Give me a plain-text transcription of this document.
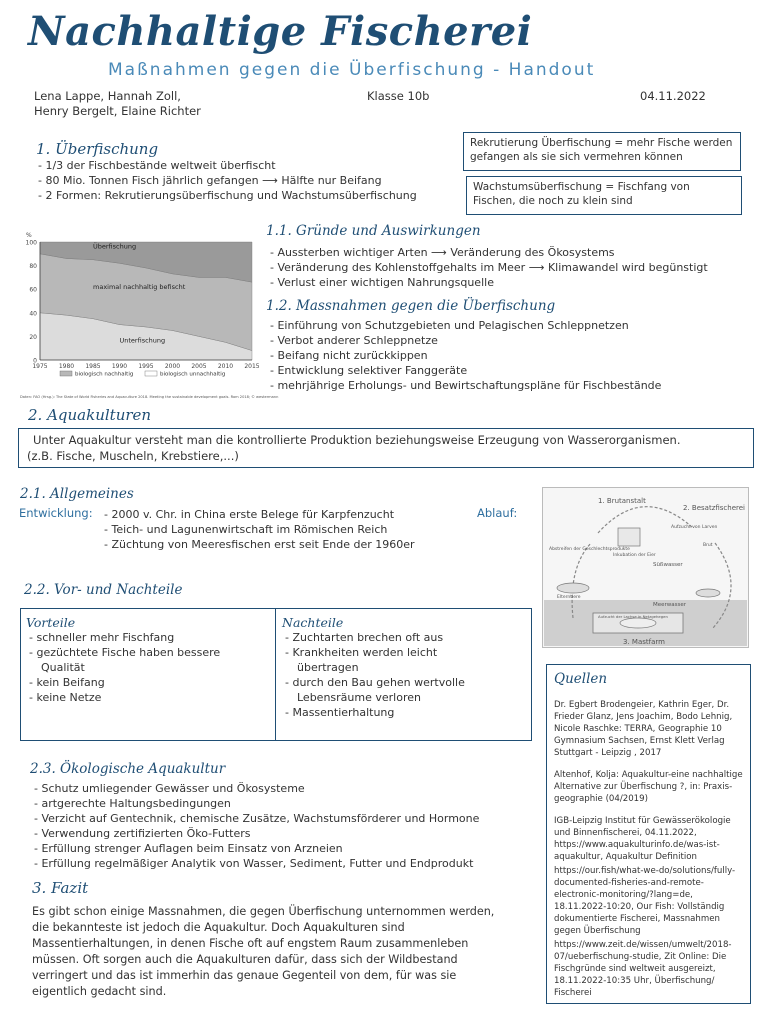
Nachhaltige Fischerei
Maßnahmen gegen die Überfischung - Handout
Lena Lappe, Hannah Zoll,
Henry Bergelt, Elaine Richter
Klasse 10b	04.11.2022
1. Überfischung
- 1/3 der Fischbestände weltweit überfischt
- 80 Mio. Tonnen Fisch jährlich gefangen ⟶ Hälfte nur Beifang
- 2 Formen: Rekrutierungsüberfischung und Wachstumsüberfischung
Rekrutierung Überfischung = mehr Fische werden gefangen als sie sich vermehren können
Wachstumsüberfischung = Fischfang von Fischen, die noch zu klein sind
0
20
40
60
80
100
%
1975 1980 1985 1990 1995 2000 2005 2010 2015
Unterfischung
maximal nachhaltig befischt
Überfischung
biologisch nachhaltig	biologisch unnachhaltig
Daten: FAO (Hrsg.): The State of World Fisheries and Aquaculture 2018. Meeting the sustainable development goals. Rom 2018; © westermann
1.1. Gründe und Auswirkungen
- Aussterben wichtiger Arten ⟶ Veränderung des Ökosystems
- Veränderung des Kohlenstoffgehalts im Meer ⟶ Klimawandel wird begünstigt
- Verlust einer wichtigen Nahrungsquelle
1.2. Massnahmen gegen die Überfischung
- Einführung von Schutzgebieten und Pelagischen Schleppnetzen
- Verbot anderer Schleppnetze
- Beifang nicht zurückkippen
- Entwicklung selektiver Fanggeräte
- mehrjährige Erholungs- und Bewirtschaftungspläne für Fischbestände
2. Aquakulturen
Unter Aquakultur versteht man die kontrollierte Produktion beziehungsweise Erzeugung von Wasserorganismen.
(z.B. Fische, Muscheln, Krebstiere,...)
2.1. Allgemeines
Entwicklung: - 2000 v. Chr. in China erste Belege für Karpfenzucht
- Teich- und Lagunenwirtschaft im Römischen Reich
- Züchtung von Meeresfischen erst seit Ende der 1960er
Ablauf:
1. Brutanstalt
2. Besatzfischerei
3. Mastfarm
Inkubation der Eier
Aufzucht von Larven
Abstreifen der Geschlechtsprodukte
Brut
Süßwasser
Elterntiere
Meerwasser
Aufzucht der Lachse in Netzgehegen
2.2. Vor- und Nachteile
Vorteile
- schneller mehr Fischfang
- gezüchtete Fische haben bessere
Qualität
- kein Beifang
- keine Netze
Nachteile
- Zuchtarten brechen oft aus
- Krankheiten werden leicht
übertragen
- durch den Bau gehen wertvolle
Lebensräume verloren
- Massentierhaltung
Quellen
Dr. Egbert Brodengeier, Kathrin Eger, Dr. Frieder Glanz, Jens Joachim, Bodo Lehnig, Nicole Raschke: TERRA, Geographie 10 Gymnasium Sachsen, Ernst Klett Verlag Stuttgart - Leipzig , 2017
Altenhof, Kolja: Aquakultur-eine nachhaltige Alternative zur Überfischung ?, in: Praxis-geographie (04/2019)
IGB-Leipzig Institut für Gewässerökologie und Binnenfischerei, 04.11.2022, https://www.aquakulturinfo.de/was-ist-aquakultur, Aquakultur Definition
https://our.fish/what-we-do/solutions/fully-documented-fisheries-and-remote-electronic-monitoring/?lang=de, 18.11.2022-10:20, Our Fish: Vollständig dokumentierte Fischerei, Massnahmen gegen Überfischung
https://www.zeit.de/wissen/umwelt/2018-07/ueberfischung-studie, Zit Online: Die Fischgründe sind weltweit ausgereizt, 18.11.2022-10:35 Uhr, Überfischung/ Fischerei
2.3. Ökologische Aquakultur
- Schutz umliegender Gewässer und Ökosysteme
- artgerechte Haltungsbedingungen
- Verzicht auf Gentechnik, chemische Zusätze, Wachstumsförderer und Hormone
- Verwendung zertifizierten Öko-Futters
- Erfüllung strenger Auflagen beim Einsatz von Arzneien
- Erfüllung regelmäßiger Analytik von Wasser, Sediment, Futter und Endprodukt
3. Fazit
Es gibt schon einige Massnahmen, die gegen Überfischung unternommen werden,
die bekannteste ist jedoch die Aquakultur. Doch Aquakulturen sind
Massentierhaltungen, in denen Fische oft auf engstem Raum zusammenleben
müssen. Oft sorgen auch die Aquakulturen dafür, dass sich der Wildbestand
verringert und das ist immerhin das genaue Gegenteil von dem, für was sie
eigentlich gedacht sind.
